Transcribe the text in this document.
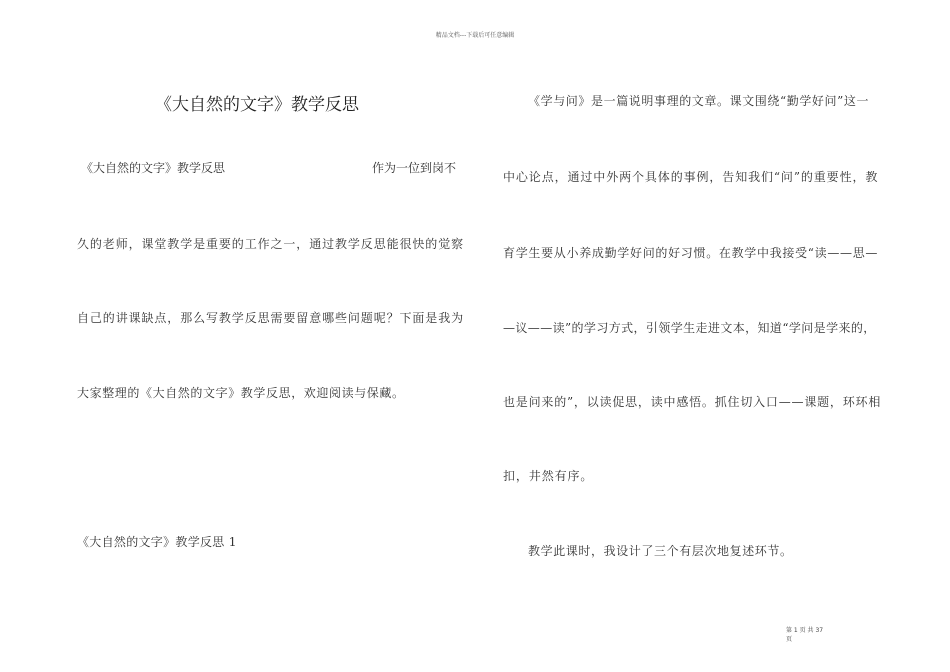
精品文档---下载后可任意编辑
《大自然的文字》教学反思
《大自然的文字》教学反思	作为一位到岗不
久的老师，课堂教学是重要的工作之一，通过教学反思能很快的觉察
自己的讲课缺点，那么写教学反思需要留意哪些问题呢？下面是我为
大家整理的《大自然的文字》教学反思，欢迎阅读与保藏。
《大自然的文字》教学反思 1
《学与问》是一篇说明事理的文章。课文围绕“勤学好问”这一
中心论点，通过中外两个具体的事例，告知我们“问”的重要性，教
育学生要从小养成勤学好问的好习惯。在教学中我接受“读——思—
—议——读”的学习方式，引领学生走进文本，知道“学问是学来的，
也是问来的”，以读促思，读中感悟。抓住切入口——课题，环环相
扣，井然有序。
教学此课时，我设计了三个有层次地复述环节。
第 1 页 共 37
页
